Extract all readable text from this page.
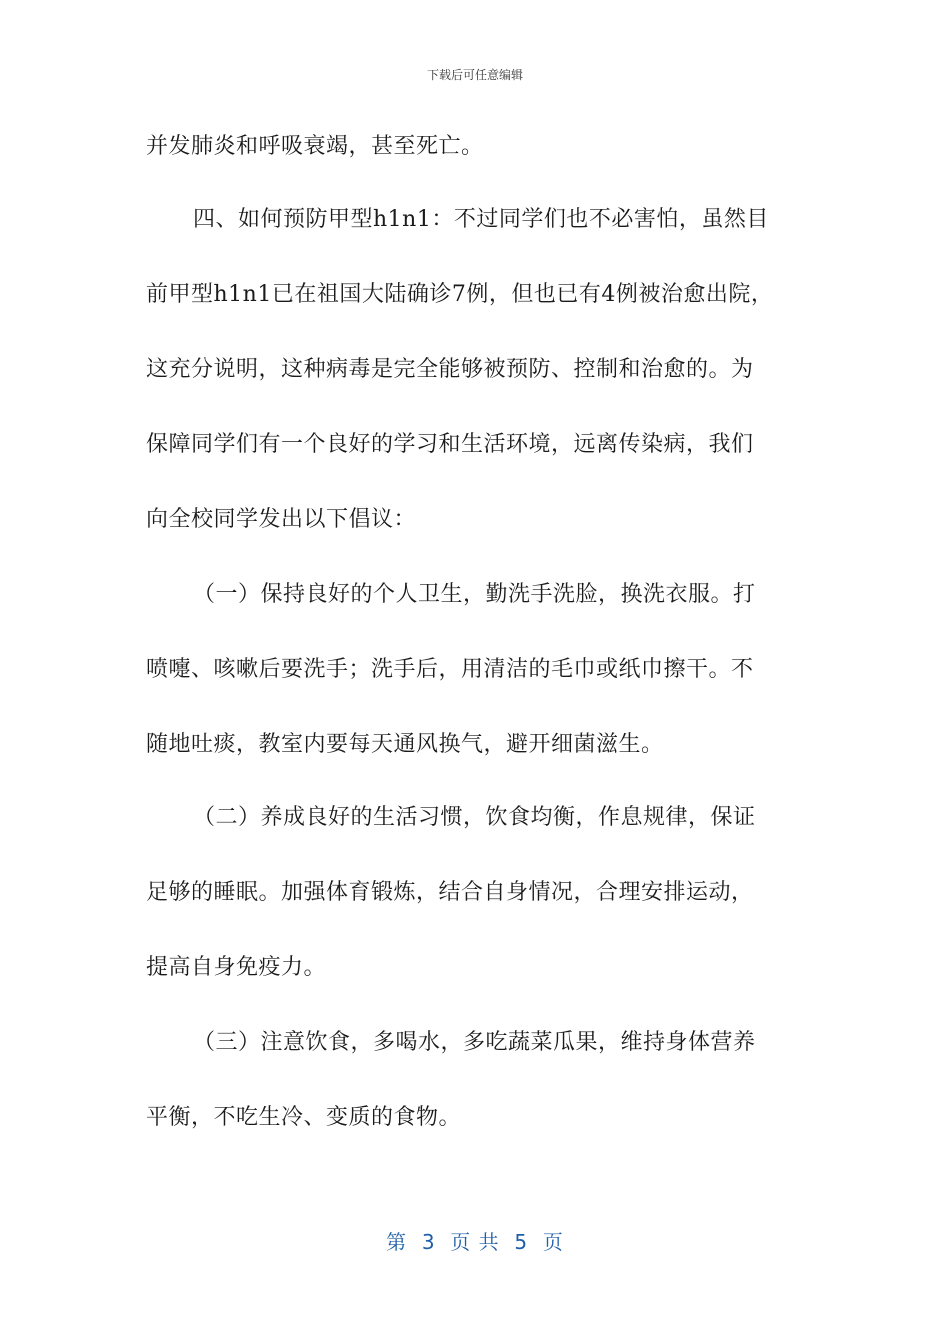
下载后可任意编辑
并发肺炎和呼吸衰竭，甚至死亡。
四、如何预防甲型h1n1：不过同学们也不必害怕，虽然目
前甲型h1n1已在祖国大陆确诊7例，但也已有4例被治愈出院，
这充分说明，这种病毒是完全能够被预防、控制和治愈的。为
保障同学们有一个良好的学习和生活环境，远离传染病，我们
向全校同学发出以下倡议：
（一）保持良好的个人卫生，勤洗手洗脸，换洗衣服。打
喷嚏、咳嗽后要洗手；洗手后，用清洁的毛巾或纸巾擦干。不
随地吐痰，教室内要每天通风换气，避开细菌滋生。
（二）养成良好的生活习惯，饮食均衡，作息规律，保证
足够的睡眠。加强体育锻炼，结合自身情况，合理安排运动，
提高自身免疫力。
（三）注意饮食，多喝水，多吃蔬菜瓜果，维持身体营养
平衡，不吃生冷、变质的食物。
第  3  页 共  5  页
